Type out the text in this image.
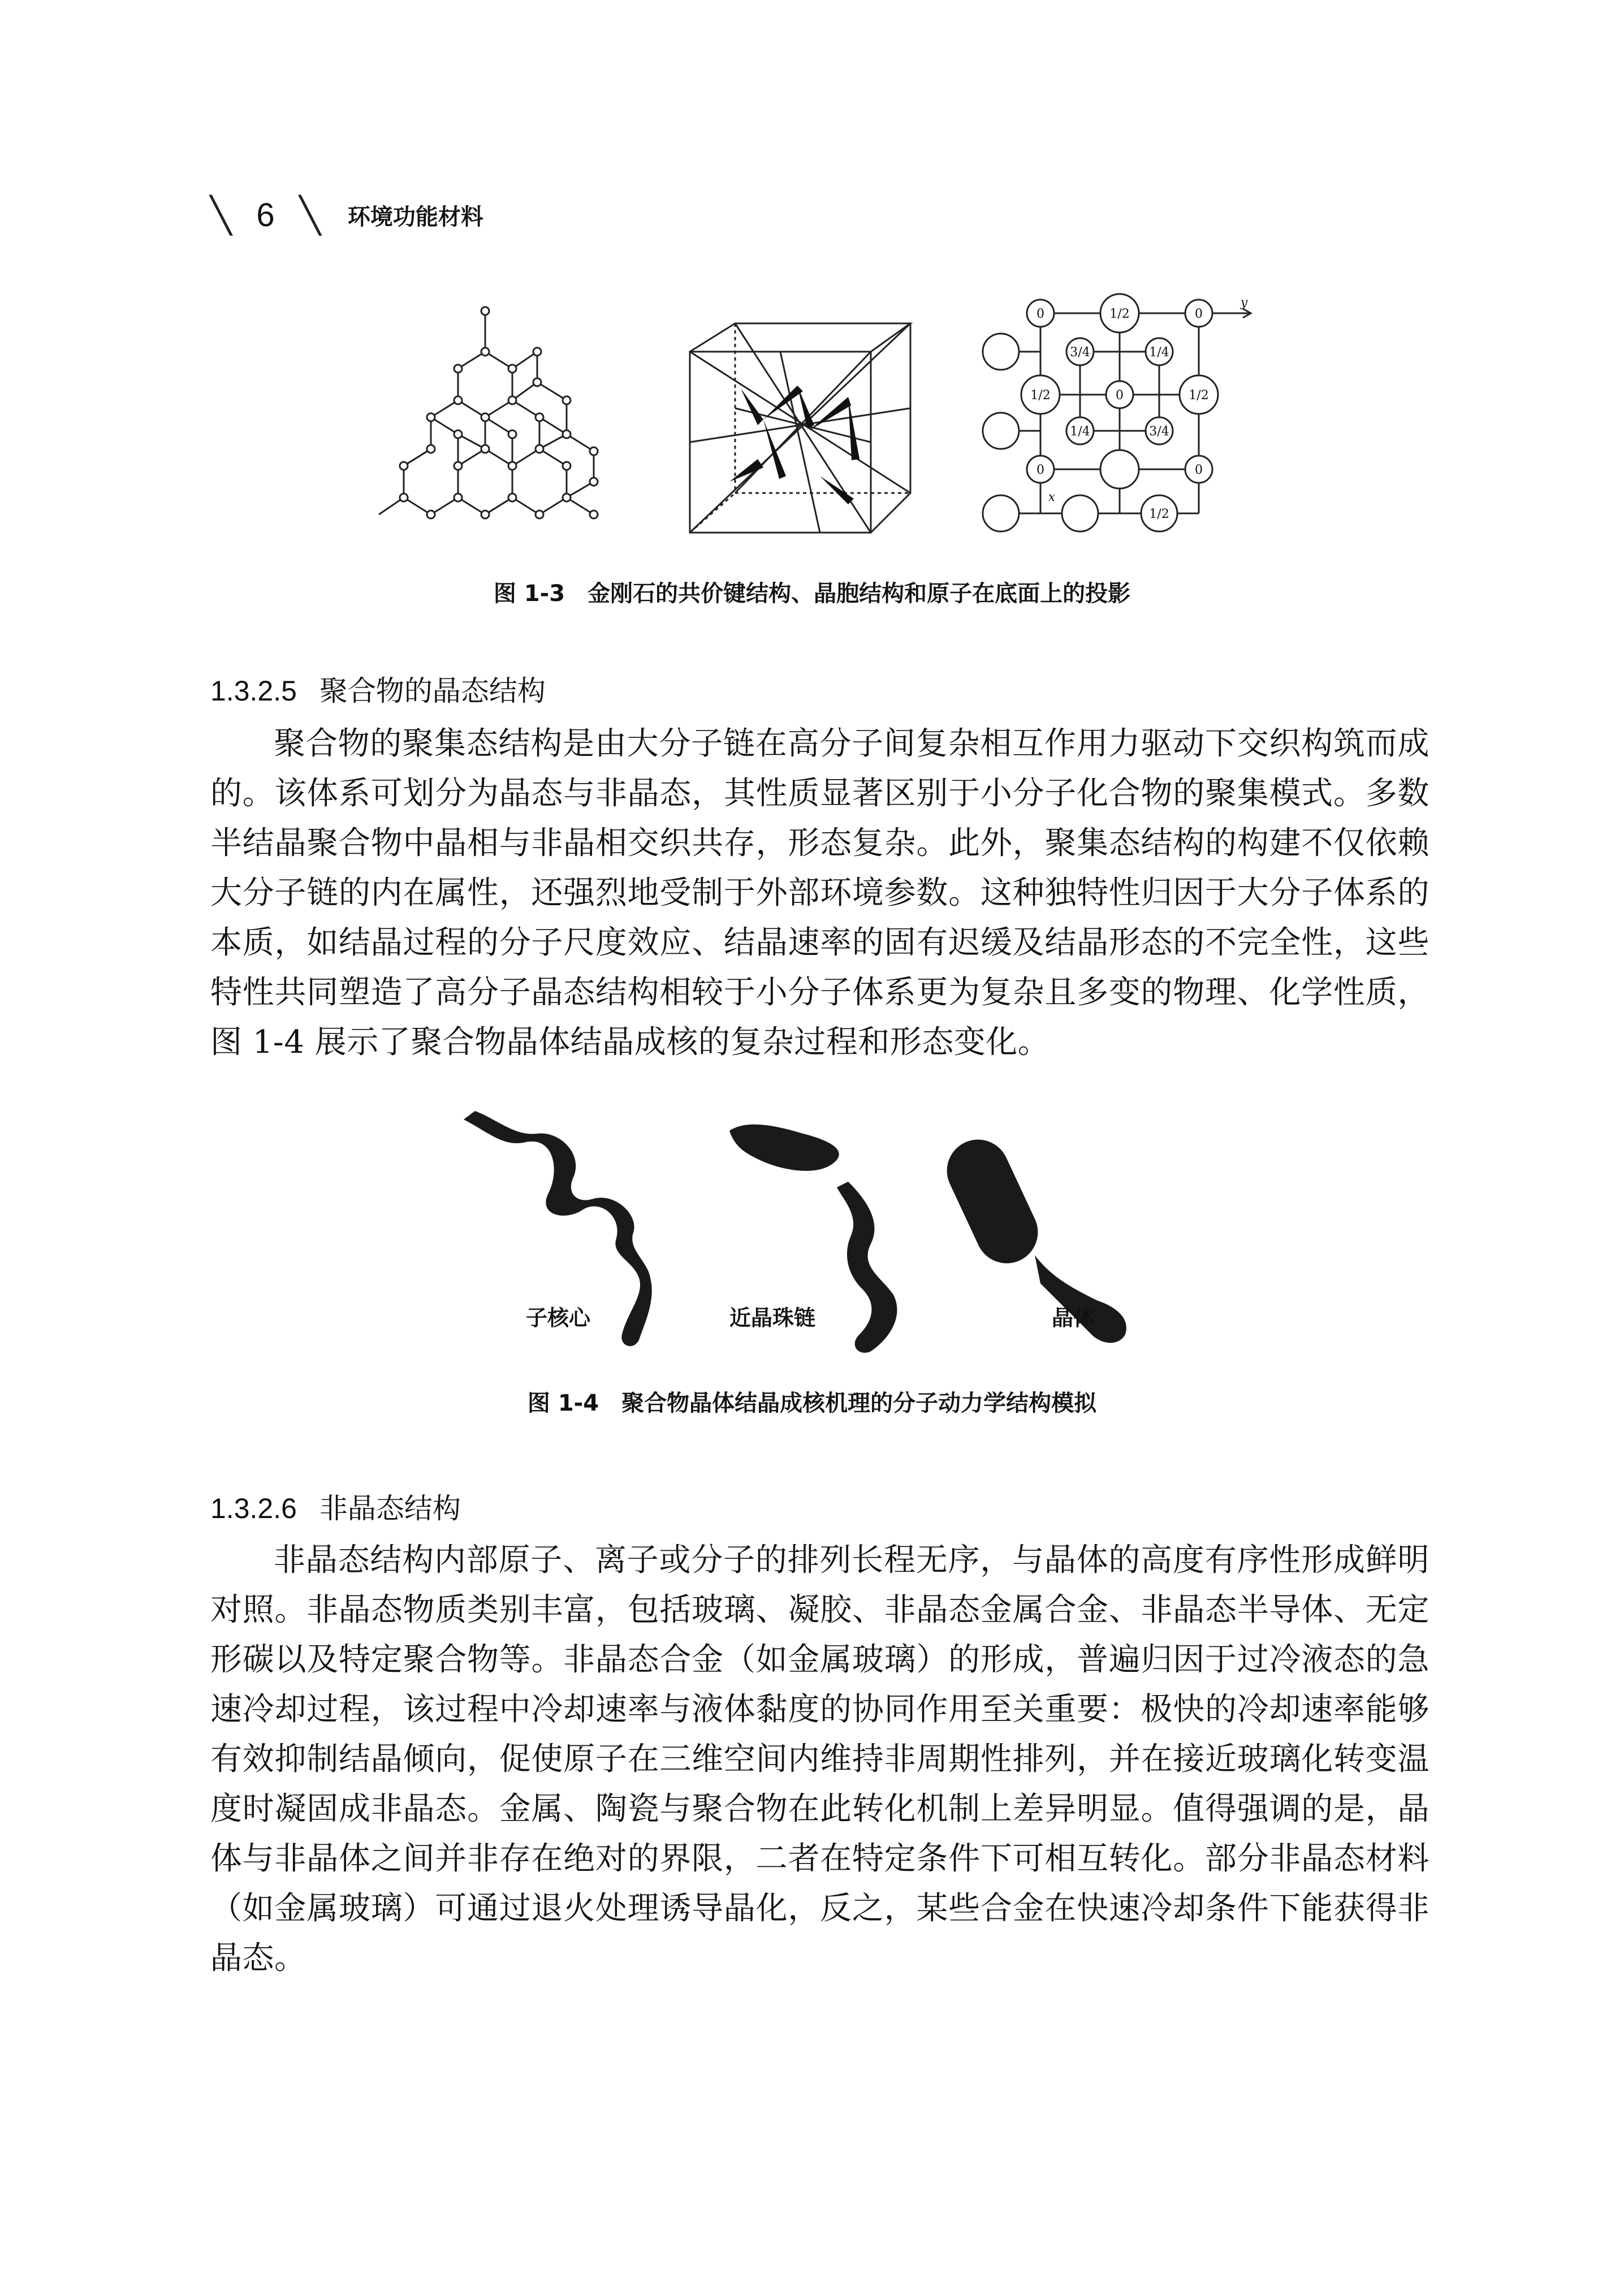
╲ 6 ╲ 环境功能材料
0	1/2	0
3/4	1/4
1/2	0	1/2
1/4	3/4
0	0
1/2
y
x
图 1-3 金刚石的共价键结构、晶胞结构和原子在底面上的投影
1.3.2.5 聚合物的晶态结构

聚合物的聚集态结构是由大分子链在高分子间复杂相互作用力驱动下交织构筑而成的。该体系可划分为晶态与非晶态，其性质显著区别于小分子化合物的聚集模式。多数半结晶聚合物中晶相与非晶相交织共存，形态复杂。此外，聚集态结构的构建不仅依赖大分子链的内在属性，还强烈地受制于外部环境参数。这种独特性归因于大分子体系的本质，如结晶过程的分子尺度效应、结晶速率的固有迟缓及结晶形态的不完全性，这些特性共同塑造了高分子晶态结构相较于小分子体系更为复杂且多变的物理、化学性质，图 1-4 展示了聚合物晶体结晶成核的复杂过程和形态变化。

子核心	近晶珠链	晶体
图 1-4 聚合物晶体结晶成核机理的分子动力学结构模拟
1.3.2.6 非晶态结构

非晶态结构内部原子、离子或分子的排列长程无序，与晶体的高度有序性形成鲜明对照。非晶态物质类别丰富，包括玻璃、凝胶、非晶态金属合金、非晶态半导体、无定形碳以及特定聚合物等。非晶态合金（如金属玻璃）的形成，普遍归因于过冷液态的急速冷却过程，该过程中冷却速率与液体黏度的协同作用至关重要：极快的冷却速率能够有效抑制结晶倾向，促使原子在三维空间内维持非周期性排列，并在接近玻璃化转变温度时凝固成非晶态。金属、陶瓷与聚合物在此转化机制上差异明显。值得强调的是，晶体与非晶体之间并非存在绝对的界限，二者在特定条件下可相互转化。部分非晶态材料（如金属玻璃）可通过退火处理诱导晶化，反之，某些合金在快速冷却条件下能获得非晶态。
